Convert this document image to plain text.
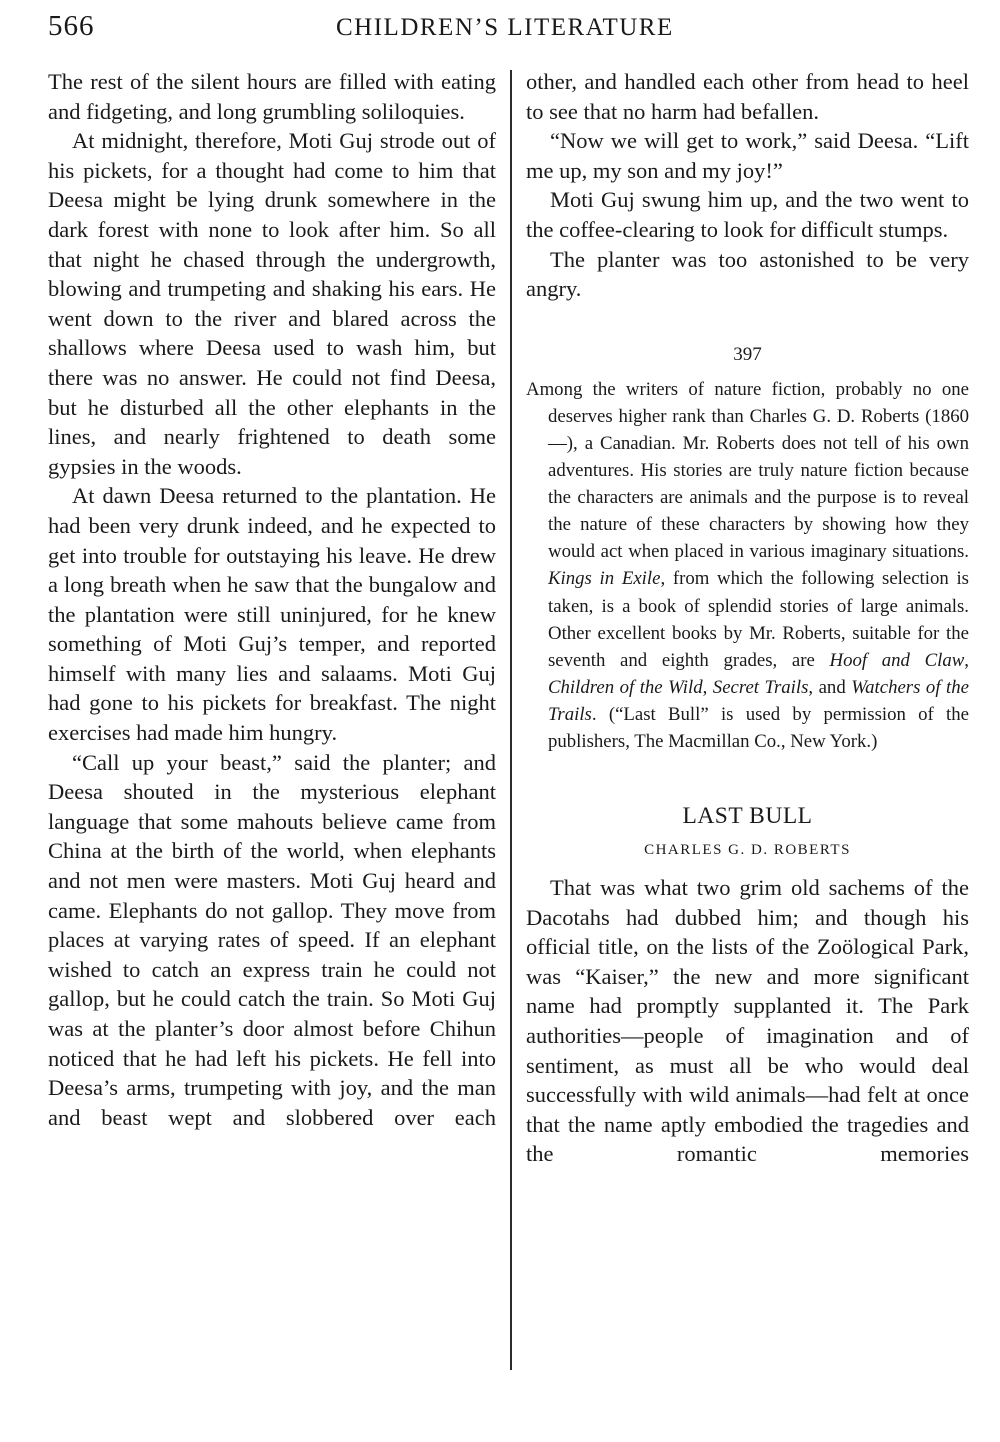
566	CHILDREN’S LITERATURE

The rest of the silent hours are filled with eating and fidgeting, and long grumbling soliloquies.

At midnight, therefore, Moti Guj strode out of his pickets, for a thought had come to him that Deesa might be lying drunk somewhere in the dark forest with none to look after him. So all that night he chased through the undergrowth, blowing and trumpeting and shaking his ears. He went down to the river and blared across the shallows where Deesa used to wash him, but there was no answer. He could not find Deesa, but he disturbed all the other elephants in the lines, and nearly frightened to death some gypsies in the woods.

At dawn Deesa returned to the plantation. He had been very drunk indeed, and he expected to get into trouble for outstaying his leave. He drew a long breath when he saw that the bungalow and the plantation were still uninjured, for he knew something of Moti Guj’s temper, and reported himself with many lies and salaams. Moti Guj had gone to his pickets for breakfast. The night exercises had made him hungry.

“Call up your beast,” said the planter; and Deesa shouted in the mysterious elephant language that some mahouts believe came from China at the birth of the world, when elephants and not men were masters. Moti Guj heard and came. Elephants do not gallop. They move from places at varying rates of speed. If an elephant wished to catch an express train he could not gallop, but he could catch the train. So Moti Guj was at the planter’s door almost before Chihun noticed that he had left his pickets. He fell into Deesa’s arms, trumpeting with joy, and the man and beast wept and slobbered over each

other, and handled each other from head to heel to see that no harm had befallen.

“Now we will get to work,” said Deesa. “Lift me up, my son and my joy!”

Moti Guj swung him up, and the two went to the coffee-clearing to look for difficult stumps.

The planter was too astonished to be very angry.

397

Among the writers of nature fiction, probably no one deserves higher rank than Charles G. D. Roberts (1860—), a Canadian. Mr. Roberts does not tell of his own adventures. His stories are truly nature fiction because the characters are animals and the purpose is to reveal the nature of these characters by showing how they would act when placed in various imaginary situations. Kings in Exile, from which the following selection is taken, is a book of splendid stories of large animals. Other excellent books by Mr. Roberts, suitable for the seventh and eighth grades, are Hoof and Claw, Children of the Wild, Secret Trails, and Watchers of the Trails. (“Last Bull” is used by permission of the publishers, The Macmillan Co., New York.)

LAST BULL
CHARLES G. D. ROBERTS

That was what two grim old sachems of the Dacotahs had dubbed him; and though his official title, on the lists of the Zoölogical Park, was “Kaiser,” the new and more significant name had promptly supplanted it. The Park authorities—people of imagination and of sentiment, as must all be who would deal successfully with wild animals—had felt at once that the name aptly embodied the tragedies and the romantic memories
